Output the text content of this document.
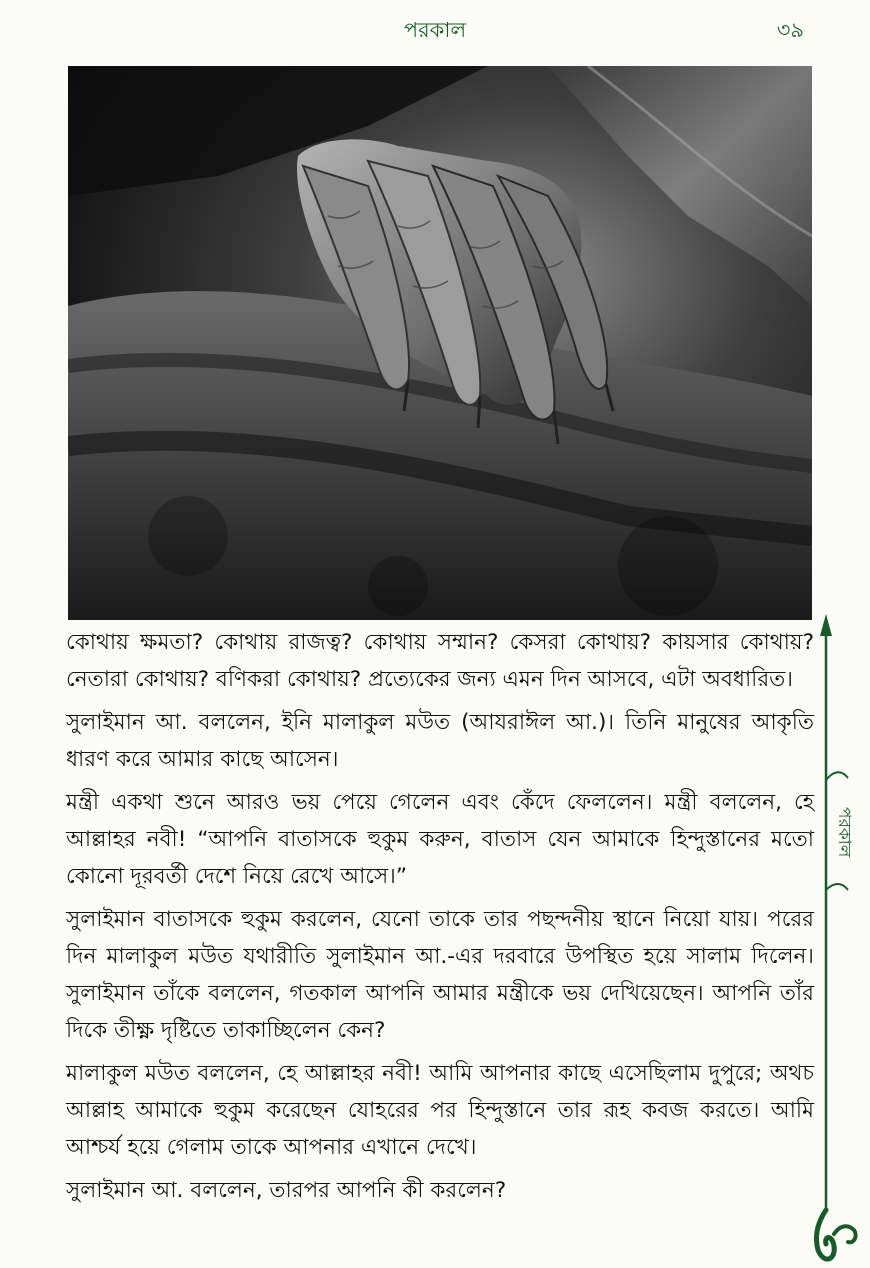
পরকাল	৩৯

কোথায় ক্ষমতা? কোথায় রাজত্ব? কোথায় সম্মান? কেসরা কোথায়? কায়সার কোথায়? নেতারা কোথায়? বণিকরা কোথায়? প্রত্যেকের জন্য এমন দিন আসবে, এটা অবধারিত।

সুলাইমান আ. বললেন, ইনি মালাকুল মউত (আযরাঈল আ.)। তিনি মানুষের আকৃতি ধারণ করে আমার কাছে আসেন।

মন্ত্রী একথা শুনে আরও ভয় পেয়ে গেলেন এবং কেঁদে ফেললেন। মন্ত্রী বললেন, হে আল্লাহর নবী! “আপনি বাতাসকে হুকুম করুন, বাতাস যেন আমাকে হিন্দুস্তানের মতো কোনো দূরবর্তী দেশে নিয়ে রেখে আসে।”

সুলাইমান বাতাসকে হুকুম করলেন, যেনো তাকে তার পছন্দনীয় স্থানে নিয়ো যায়। পরের দিন মালাকুল মউত যথারীতি সুলাইমান আ.-এর দরবারে উপস্থিত হয়ে সালাম দিলেন। সুলাইমান তাঁকে বললেন, গতকাল আপনি আমার মন্ত্রীকে ভয় দেখিয়েছেন। আপনি তাঁর দিকে তীক্ষ্ণ দৃষ্টিতে তাকাচ্ছিলেন কেন?

মালাকুল মউত বললেন, হে আল্লাহর নবী! আমি আপনার কাছে এসেছিলাম দুপুরে; অথচ আল্লাহ আমাকে হুকুম করেছেন যোহরের পর হিন্দুস্তানে তার রূহ কবজ করতে। আমি আশ্চর্য হয়ে গেলাম তাকে আপনার এখানে দেখে।

সুলাইমান আ. বললেন, তারপর আপনি কী করলেন?

পরকাল
